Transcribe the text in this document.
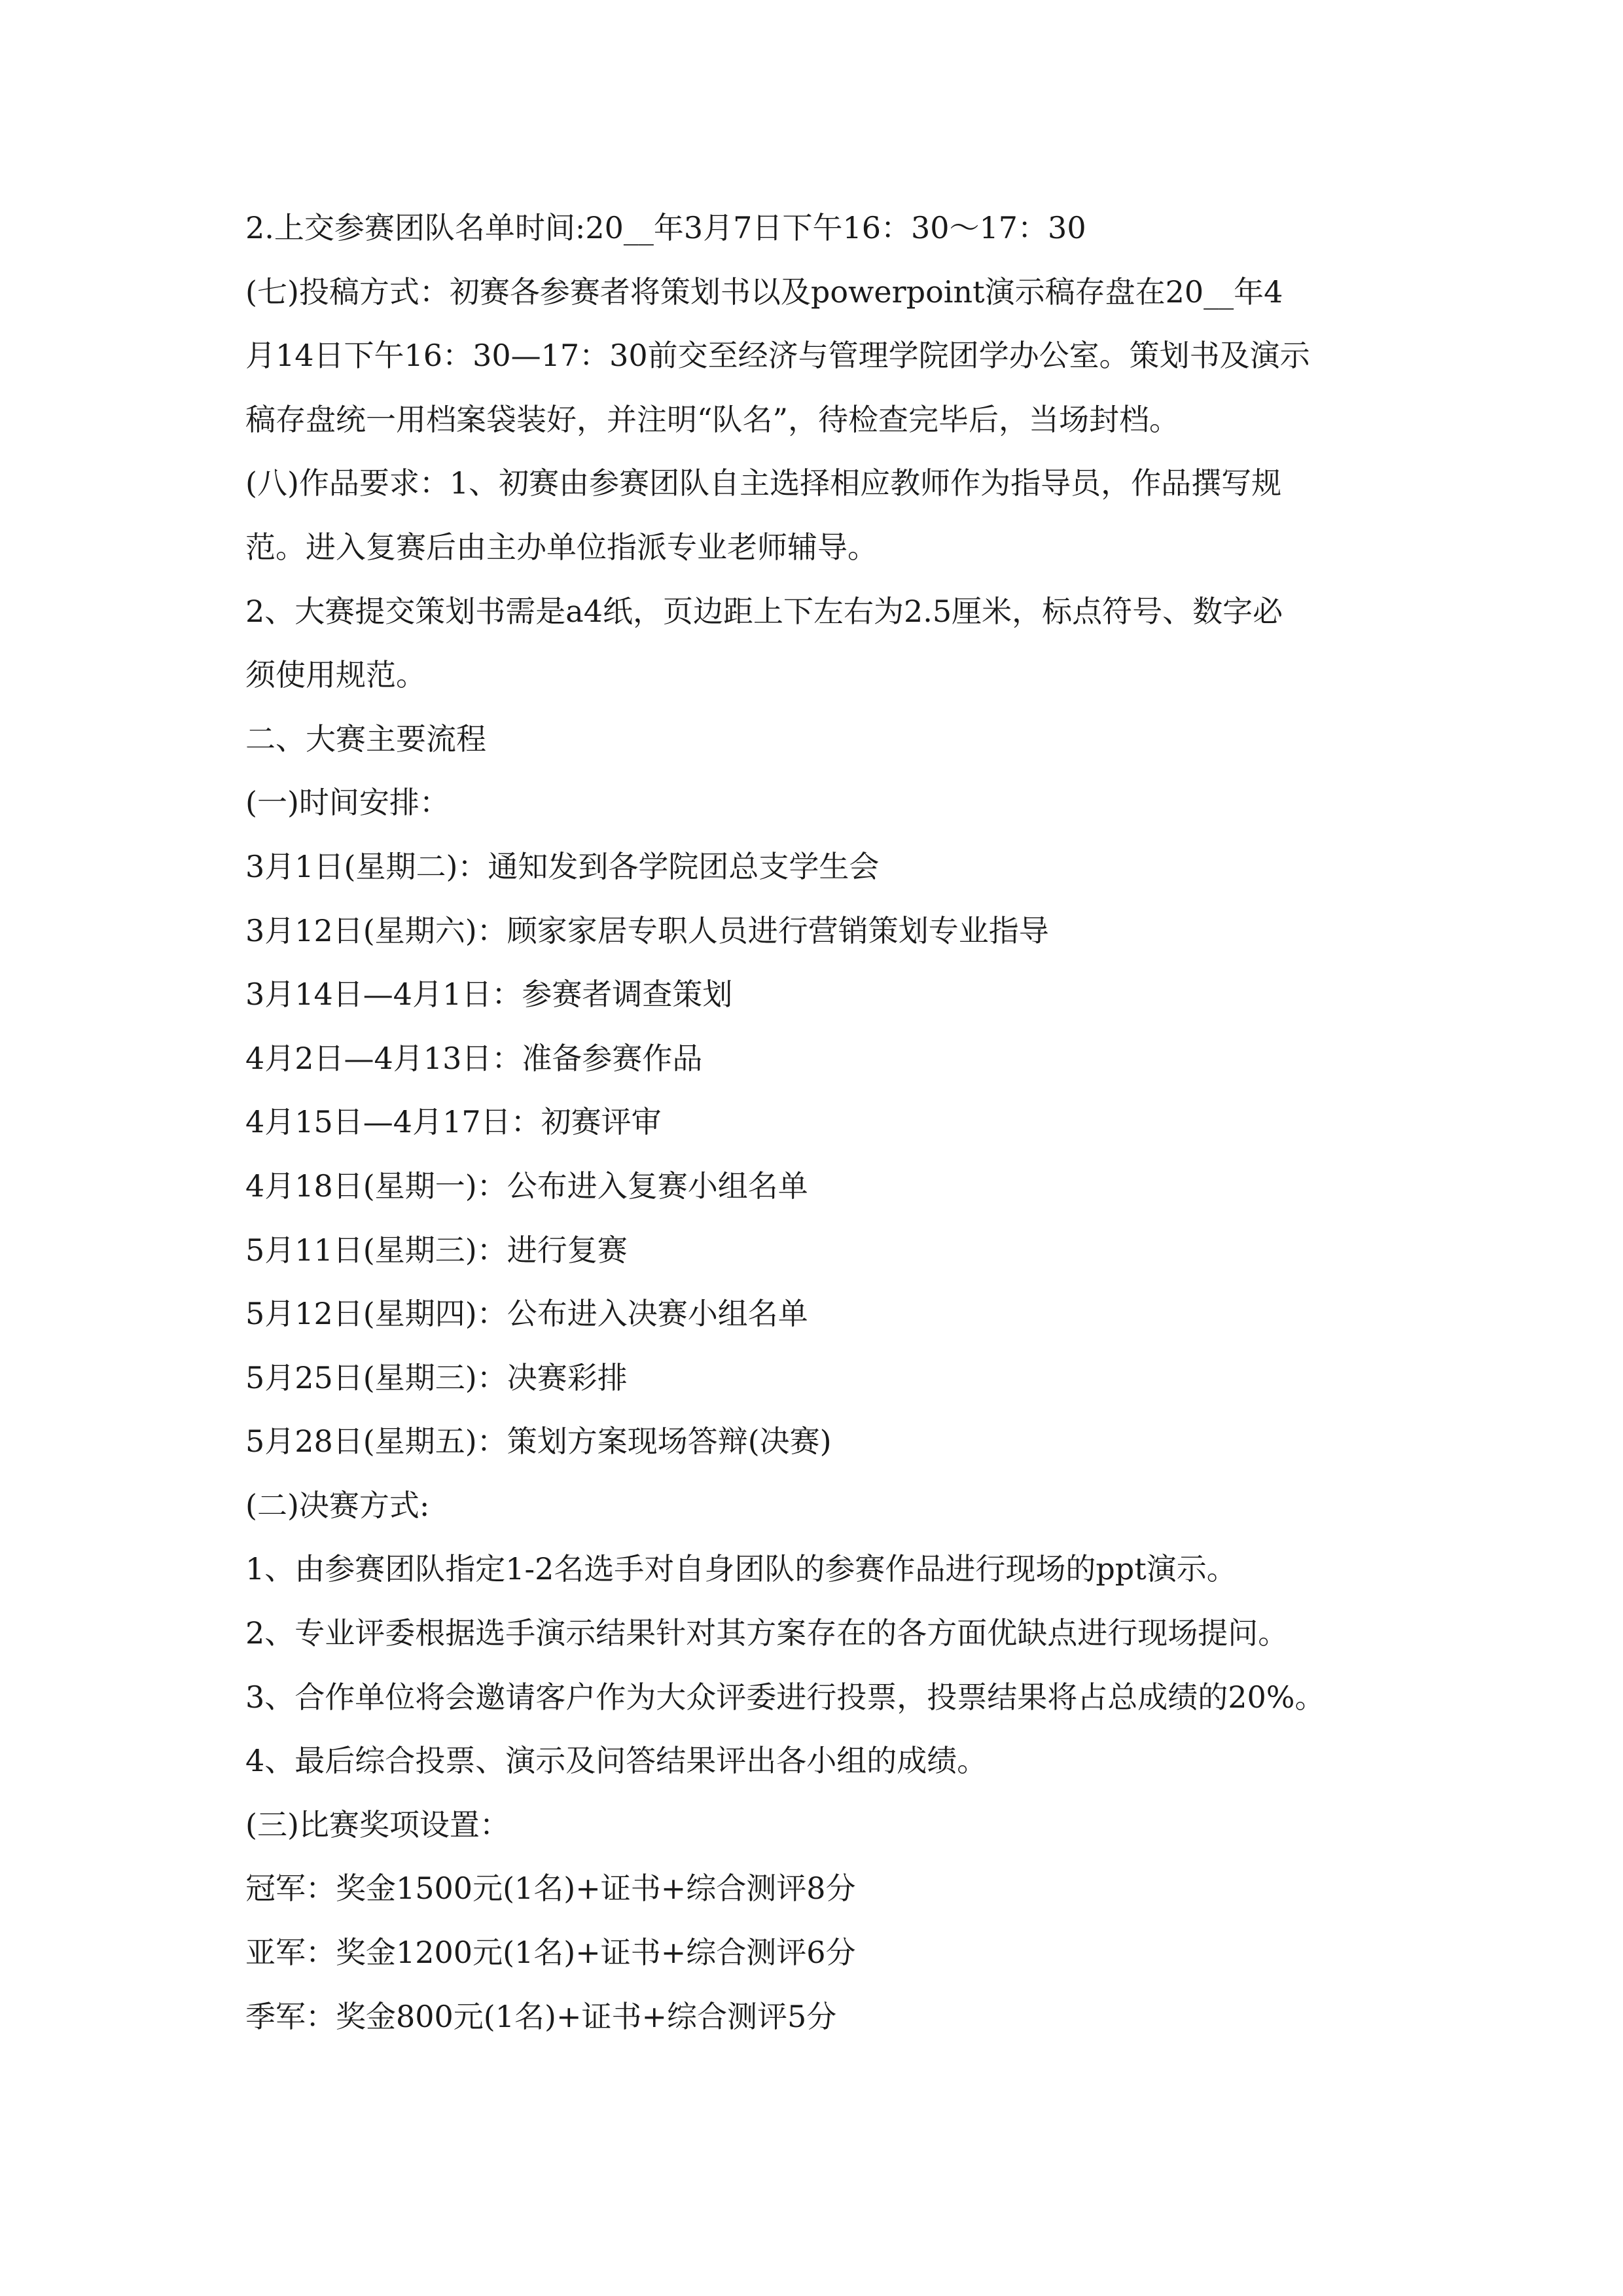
2.上交参赛团队名单时间:20__年3月7日下午16：30～17：30
(七)投稿方式：初赛各参赛者将策划书以及powerpoint演示稿存盘在20__年4
月14日下午16：30—17：30前交至经济与管理学院团学办公室。策划书及演示
稿存盘统一用档案袋装好，并注明“队名”，待检查完毕后，当场封档。
(八)作品要求：1、初赛由参赛团队自主选择相应教师作为指导员，作品撰写规
范。进入复赛后由主办单位指派专业老师辅导。
2、大赛提交策划书需是a4纸，页边距上下左右为2.5厘米，标点符号、数字必
须使用规范。
二、大赛主要流程
(一)时间安排：
3月1日(星期二)：通知发到各学院团总支学生会
3月12日(星期六)：顾家家居专职人员进行营销策划专业指导
3月14日—4月1日：参赛者调查策划
4月2日—4月13日：准备参赛作品
4月15日—4月17日：初赛评审
4月18日(星期一)：公布进入复赛小组名单
5月11日(星期三)：进行复赛
5月12日(星期四)：公布进入决赛小组名单
5月25日(星期三)：决赛彩排
5月28日(星期五)：策划方案现场答辩(决赛)
(二)决赛方式:
1、由参赛团队指定1-2名选手对自身团队的参赛作品进行现场的ppt演示。
2、专业评委根据选手演示结果针对其方案存在的各方面优缺点进行现场提问。
3、合作单位将会邀请客户作为大众评委进行投票，投票结果将占总成绩的20%。
4、最后综合投票、演示及问答结果评出各小组的成绩。
(三)比赛奖项设置：
冠军：奖金1500元(1名)+证书+综合测评8分
亚军：奖金1200元(1名)+证书+综合测评6分
季军：奖金800元(1名)+证书+综合测评5分
